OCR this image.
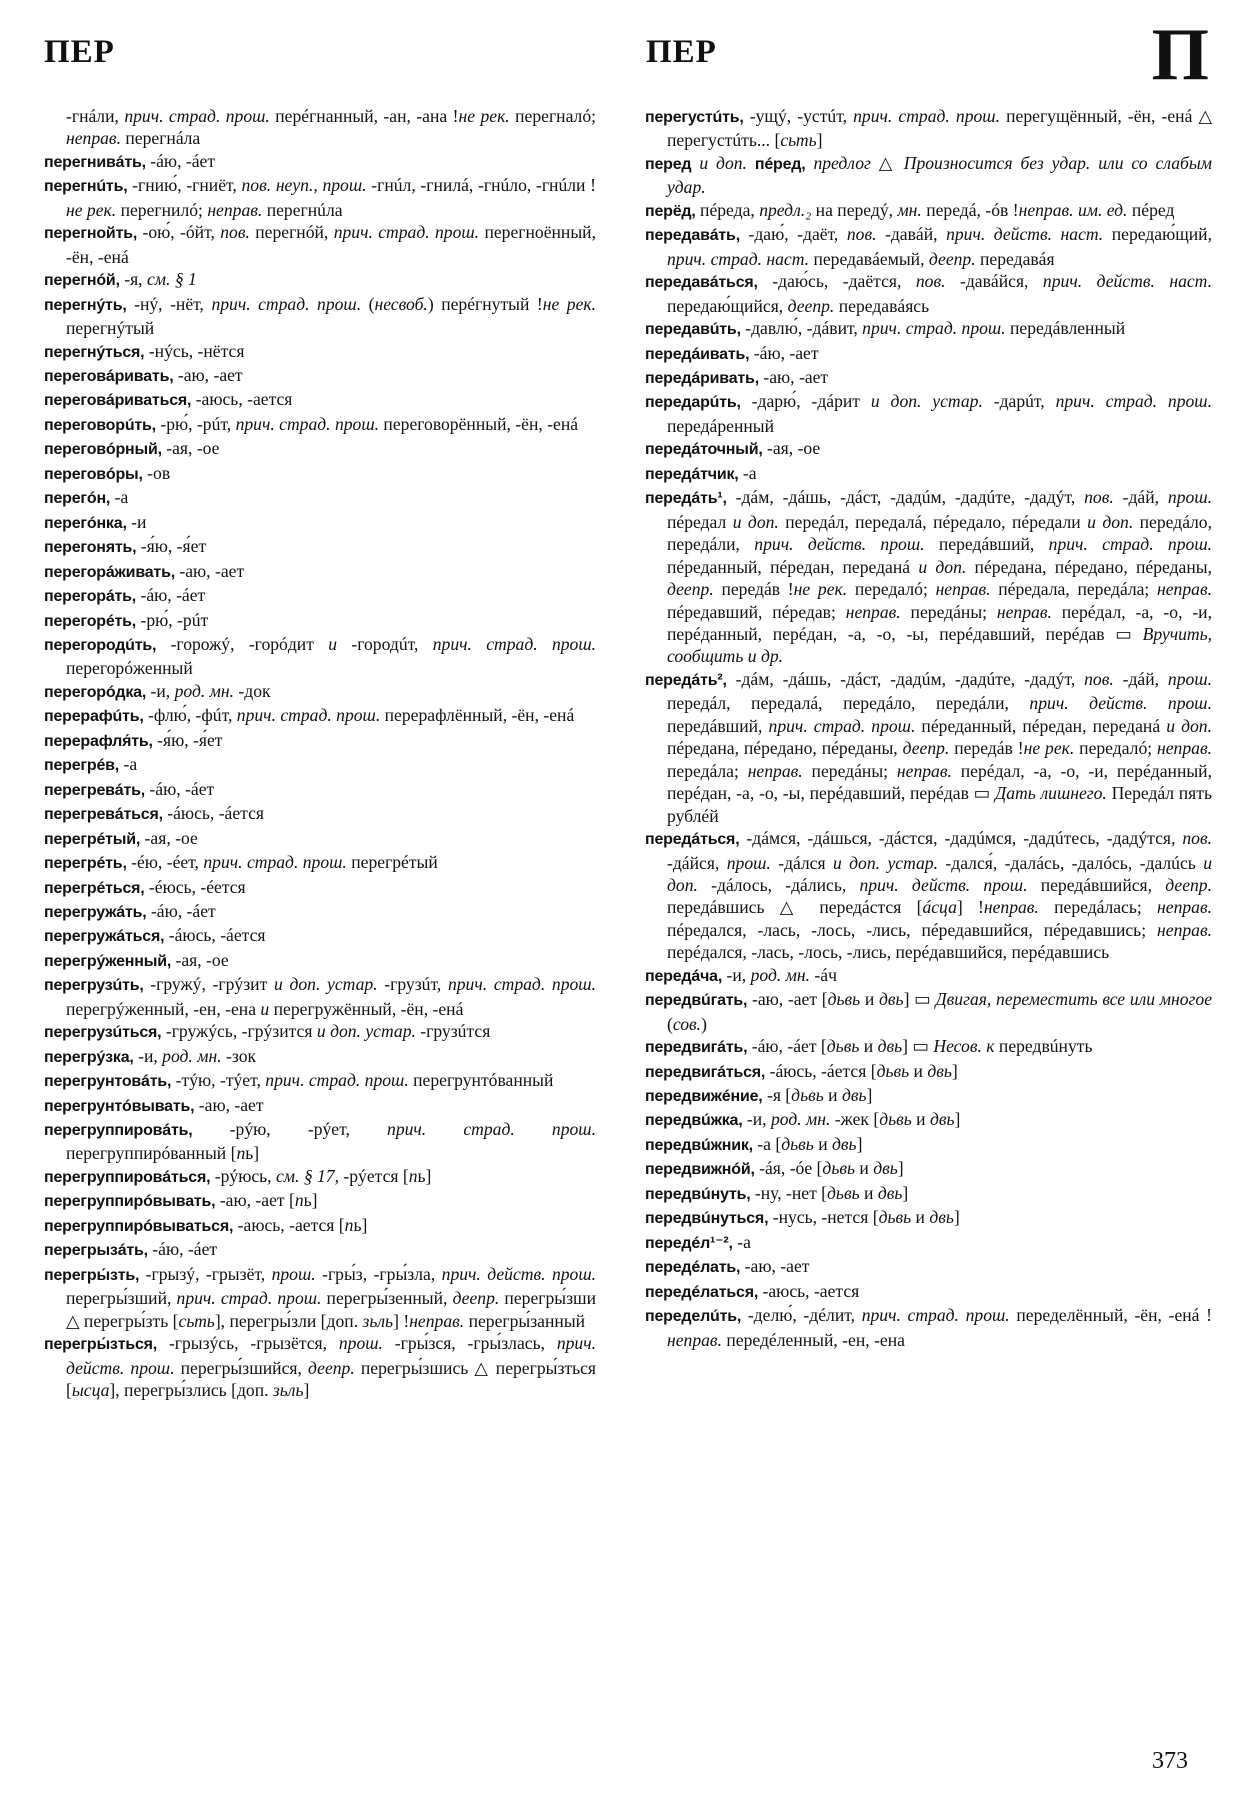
ПЕР	ПЕР	П

-гнáли, прич. страд. прош. перéгнанный, -ан, -ана !не рек. перегналó; неправ. перегнáла

перегнивáть, -áю, -áет

перегнúть, -гнию́, -гниёт, пов. неуп., прош. -гнúл, -гнилá, -гнúло, -гнúли !не рек. перегнилó; неправ. перегнúла

перегнойть, -ою́, -óйт, пов. перегнóй, прич. страд. прош. перегноённый, -ён, -енá

перегнóй, -я, см. § 1

перегнýть, -нý, -нёт, прич. страд. прош. (несвоб.) перéгнутый !не рек. перегнýтый

перегнýться, -нýсь, -нётся

переговáривать, -аю, -ает

переговáриваться, -аюсь, -ается

переговорúть, -рю́, -рúт, прич. страд. прош. переговорённый, -ён, -енá

переговóрный, -ая, -ое

переговóры, -ов

перегóн, -а

перегóнка, -и

перегонять, -я́ю, -я́ет

перегорáживать, -аю, -ает

перегорáть, -áю, -áет

перегорéть, -рю́, -рúт

перегородúть, -горожý, -горóдит и -городúт, прич. страд. прош. перегорóженный

перегорóдка, -и, род. мн. -док

перерафúть, -флю́, -фúт, прич. страд. прош. перерафлённый, -ён, -енá

перерафля́ть, -я́ю, -я́ет

перегрéв, -а

перегревáть, -áю, -áет

перегревáться, -áюсь, -áется

перегрéтый, -ая, -ое

перегрéть, -éю, -éет, прич. страд. прош. перегрéтый

перегрéться, -éюсь, -éется

перегружáть, -áю, -áет

перегружáться, -áюсь, -áется

перегрýженный, -ая, -ое

перегрузúть, -гружý, -грýзит и доп. устар. -грузúт, прич. страд. прош. перегрýженный, -ен, -ена и перегружённый, -ён, -енá

перегрузúться, -гружýсь, -грýзится и доп. устар. -грузúтся

перегрýзка, -и, род. мн. -зок

перегрунтовáть, -тýю, -тýет, прич. страд. прош. перегрунтóванный

перегрунтóвывать, -аю, -ает

перегруппировáть, -рýю, -рýет, прич. страд. прош. перегруппирóванный [пь]

перегруппировáться, -рýюсь, см. § 17, -рýется [пь]

перегруппирóвывать, -аю, -ает [пь]

перегруппирóвываться, -аюсь, -ается [пь]

перегрызáть, -áю, -áет

перегры́зть, -грызý, -грызёт, прош. -гры́з, -гры́зла, прич. действ. прош. перегры́зший, прич. страд. прош. перегры́зенный, деепр. перегры́зши △ перегры́зть [сьть], перегры́зли [доп. зьль] !неправ. перегры́занный

перегры́зться, -грызýсь, -грызётся, прош. -гры́зся, -гры́злась, прич. действ. прош. перегры́зшийся, деепр. перегры́зшись △ перегры́зться [ысца], перегры́злись [доп. зьль]

перегустúть, -ущý, -устúт, прич. страд. прош. перегущённый, -ён, -енá △ перегустúть... [сьть]

перед и доп. пéред, предлог △ Произносится без удар. или со слабым удар.

перёд, пéреда, предл.₂ на передý, мн. передá, -óв !неправ. им. ед. пéред

передавáть, -даю́, -даёт, пов. -давáй, прич. действ. наст. передаю́щий, прич. страд. наст. передавáемый, деепр. передавáя

передавáться, -даю́сь, -даётся, пов. -давáйся, прич. действ. наст. передаю́щийся, деепр. передавáясь

передавúть, -давлю́, -дáвит, прич. страд. прош. передáвленный

передáивать, -áю, -ает

передáривать, -аю, -ает

передарúть, -дарю́, -дáрит и доп. устар. -дарúт, прич. страд. прош. передáренный

передáточный, -ая, -ое

передáтчик, -а

передáть¹, -дáм, -дáшь, -дáст, -дадúм, -дадúте, -дадýт, пов. -дáй, прош. пéредал и доп. передáл, передалá, пéредало, пéредали и доп. передáло, передáли, прич. действ. прош. передáвший, прич. страд. прош. пéреданный, пéредан, переданá и доп. пéредана, пéредано, пéреданы, деепр. передáв !не рек. передалó; неправ. пéредала, передáла; неправ. пéредавший, пéредав; неправ. передáны; неправ. перéдал, -а, -о, -и, перéданный, перéдан, -а, -о, -ы, перéдавший, перéдав ▭ Вручить, сообщить и др.

передáть², -дáм, -дáшь, -дáст, -дадúм, -дадúте, -дадýт, пов. -дáй, прош. передáл, передалá, передáло, передáли, прич. действ. прош. передáвший, прич. страд. прош. пéреданный, пéредан, переданá и доп. пéредана, пéредано, пéреданы, деепр. передáв !не рек. передалó; неправ. передáла; неправ. передáны; неправ. перéдал, -а, -о, -и, перéданный, перéдан, -а, -о, -ы, перéдавший, перéдав ▭ Дать лишнего. Передáл пять рублéй

передáться, -дáмся, -дáшься, -дáстся, -дадúмся, -дадúтесь, -дадýтся, пов. -дáйся, прош. -дáлся и доп. устар. -дался́, -далáсь, -далóсь, -далúсь и доп. -дáлось, -дáлись, прич. действ. прош. передáвшийся, деепр. передáвшись △ передáстся [áсца] !неправ. передáлась; неправ. пéредался, -лась, -лось, -лись, пéредавшийся, пéредавшись; неправ. перéдался, -лась, -лось, -лись, перéдавшийся, перéдавшись

передáча, -и, род. мн. -áч

передвúгать, -аю, -ает [дьвь и двь] ▭ Двигая, переместить все или многое (сов.)

передвигáть, -áю, -áет [дьвь и двь] ▭ Несов. к передвúнуть

передвигáться, -áюсь, -áется [дьвь и двь]

передвижéние, -я [дьвь и двь]

передвúжка, -и, род. мн. -жек [дьвь и двь]

передвúжник, -а [дьвь и двь]

передвижнóй, -áя, -óе [дьвь и двь]

передвúнуть, -ну, -нет [дьвь и двь]

передвúнуться, -нусь, -нется [дьвь и двь]

передéл¹⁻², -а

передéлать, -аю, -ает

передéлаться, -аюсь, -ается

переделúть, -делю́, -дéлит, прич. страд. прош. переделённый, -ён, -енá !неправ. передéленный, -ен, -ена

373
